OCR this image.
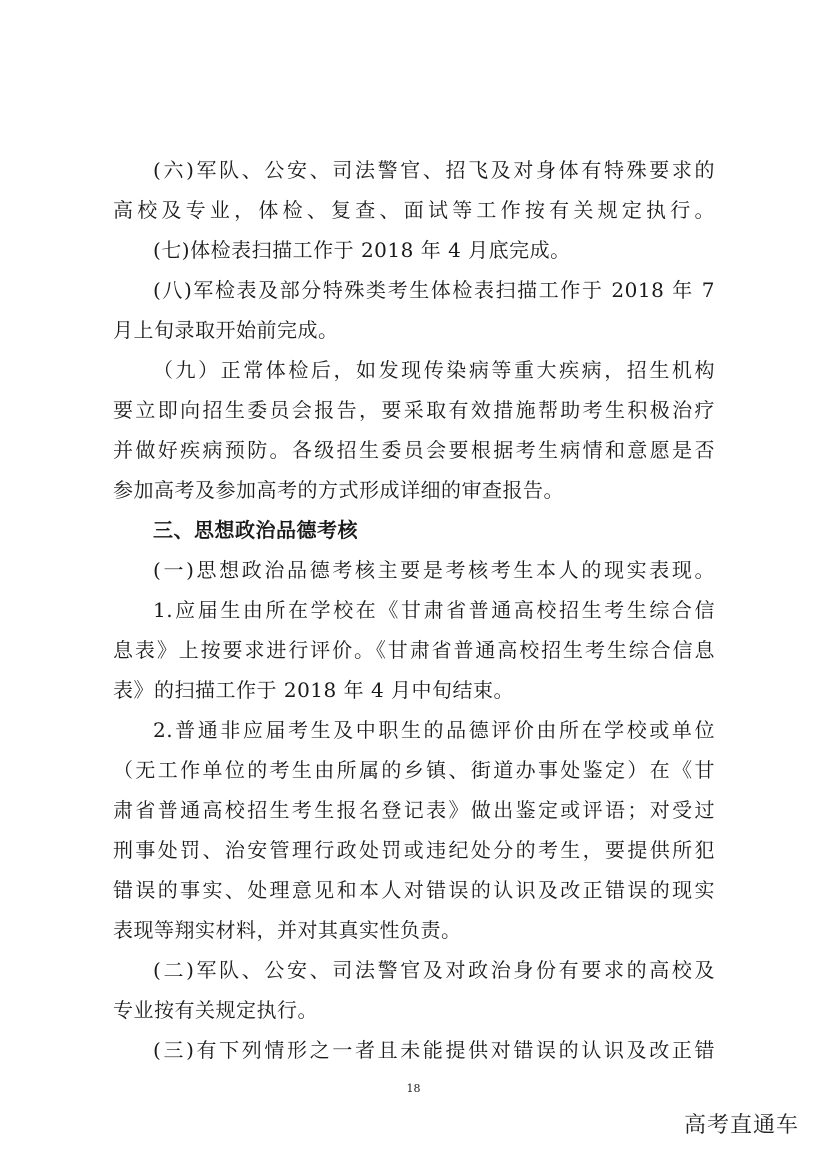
(六)军队、公安、司法警官、招飞及对身体有特殊要求的
高校及专业，体检、复查、面试等工作按有关规定执行。
(七)体检表扫描工作于 2018 年 4 月底完成。
(八)军检表及部分特殊类考生体检表扫描工作于 2018 年 7
月上旬录取开始前完成。
（九）正常体检后，如发现传染病等重大疾病，招生机构
要立即向招生委员会报告，要采取有效措施帮助考生积极治疗
并做好疾病预防。各级招生委员会要根据考生病情和意愿是否
参加高考及参加高考的方式形成详细的审查报告。
三、思想政治品德考核
(一)思想政治品德考核主要是考核考生本人的现实表现。
1.应届生由所在学校在《甘肃省普通高校招生考生综合信
息表》上按要求进行评价。《甘肃省普通高校招生考生综合信息
表》的扫描工作于 2018 年 4 月中旬结束。
2.普通非应届考生及中职生的品德评价由所在学校或单位
（无工作单位的考生由所属的乡镇、街道办事处鉴定）在《甘
肃省普通高校招生考生报名登记表》做出鉴定或评语；对受过
刑事处罚、治安管理行政处罚或违纪处分的考生，要提供所犯
错误的事实、处理意见和本人对错误的认识及改正错误的现实
表现等翔实材料，并对其真实性负责。
(二)军队、公安、司法警官及对政治身份有要求的高校及
专业按有关规定执行。
(三)有下列情形之一者且未能提供对错误的认识及改正错
18
高考直通车
